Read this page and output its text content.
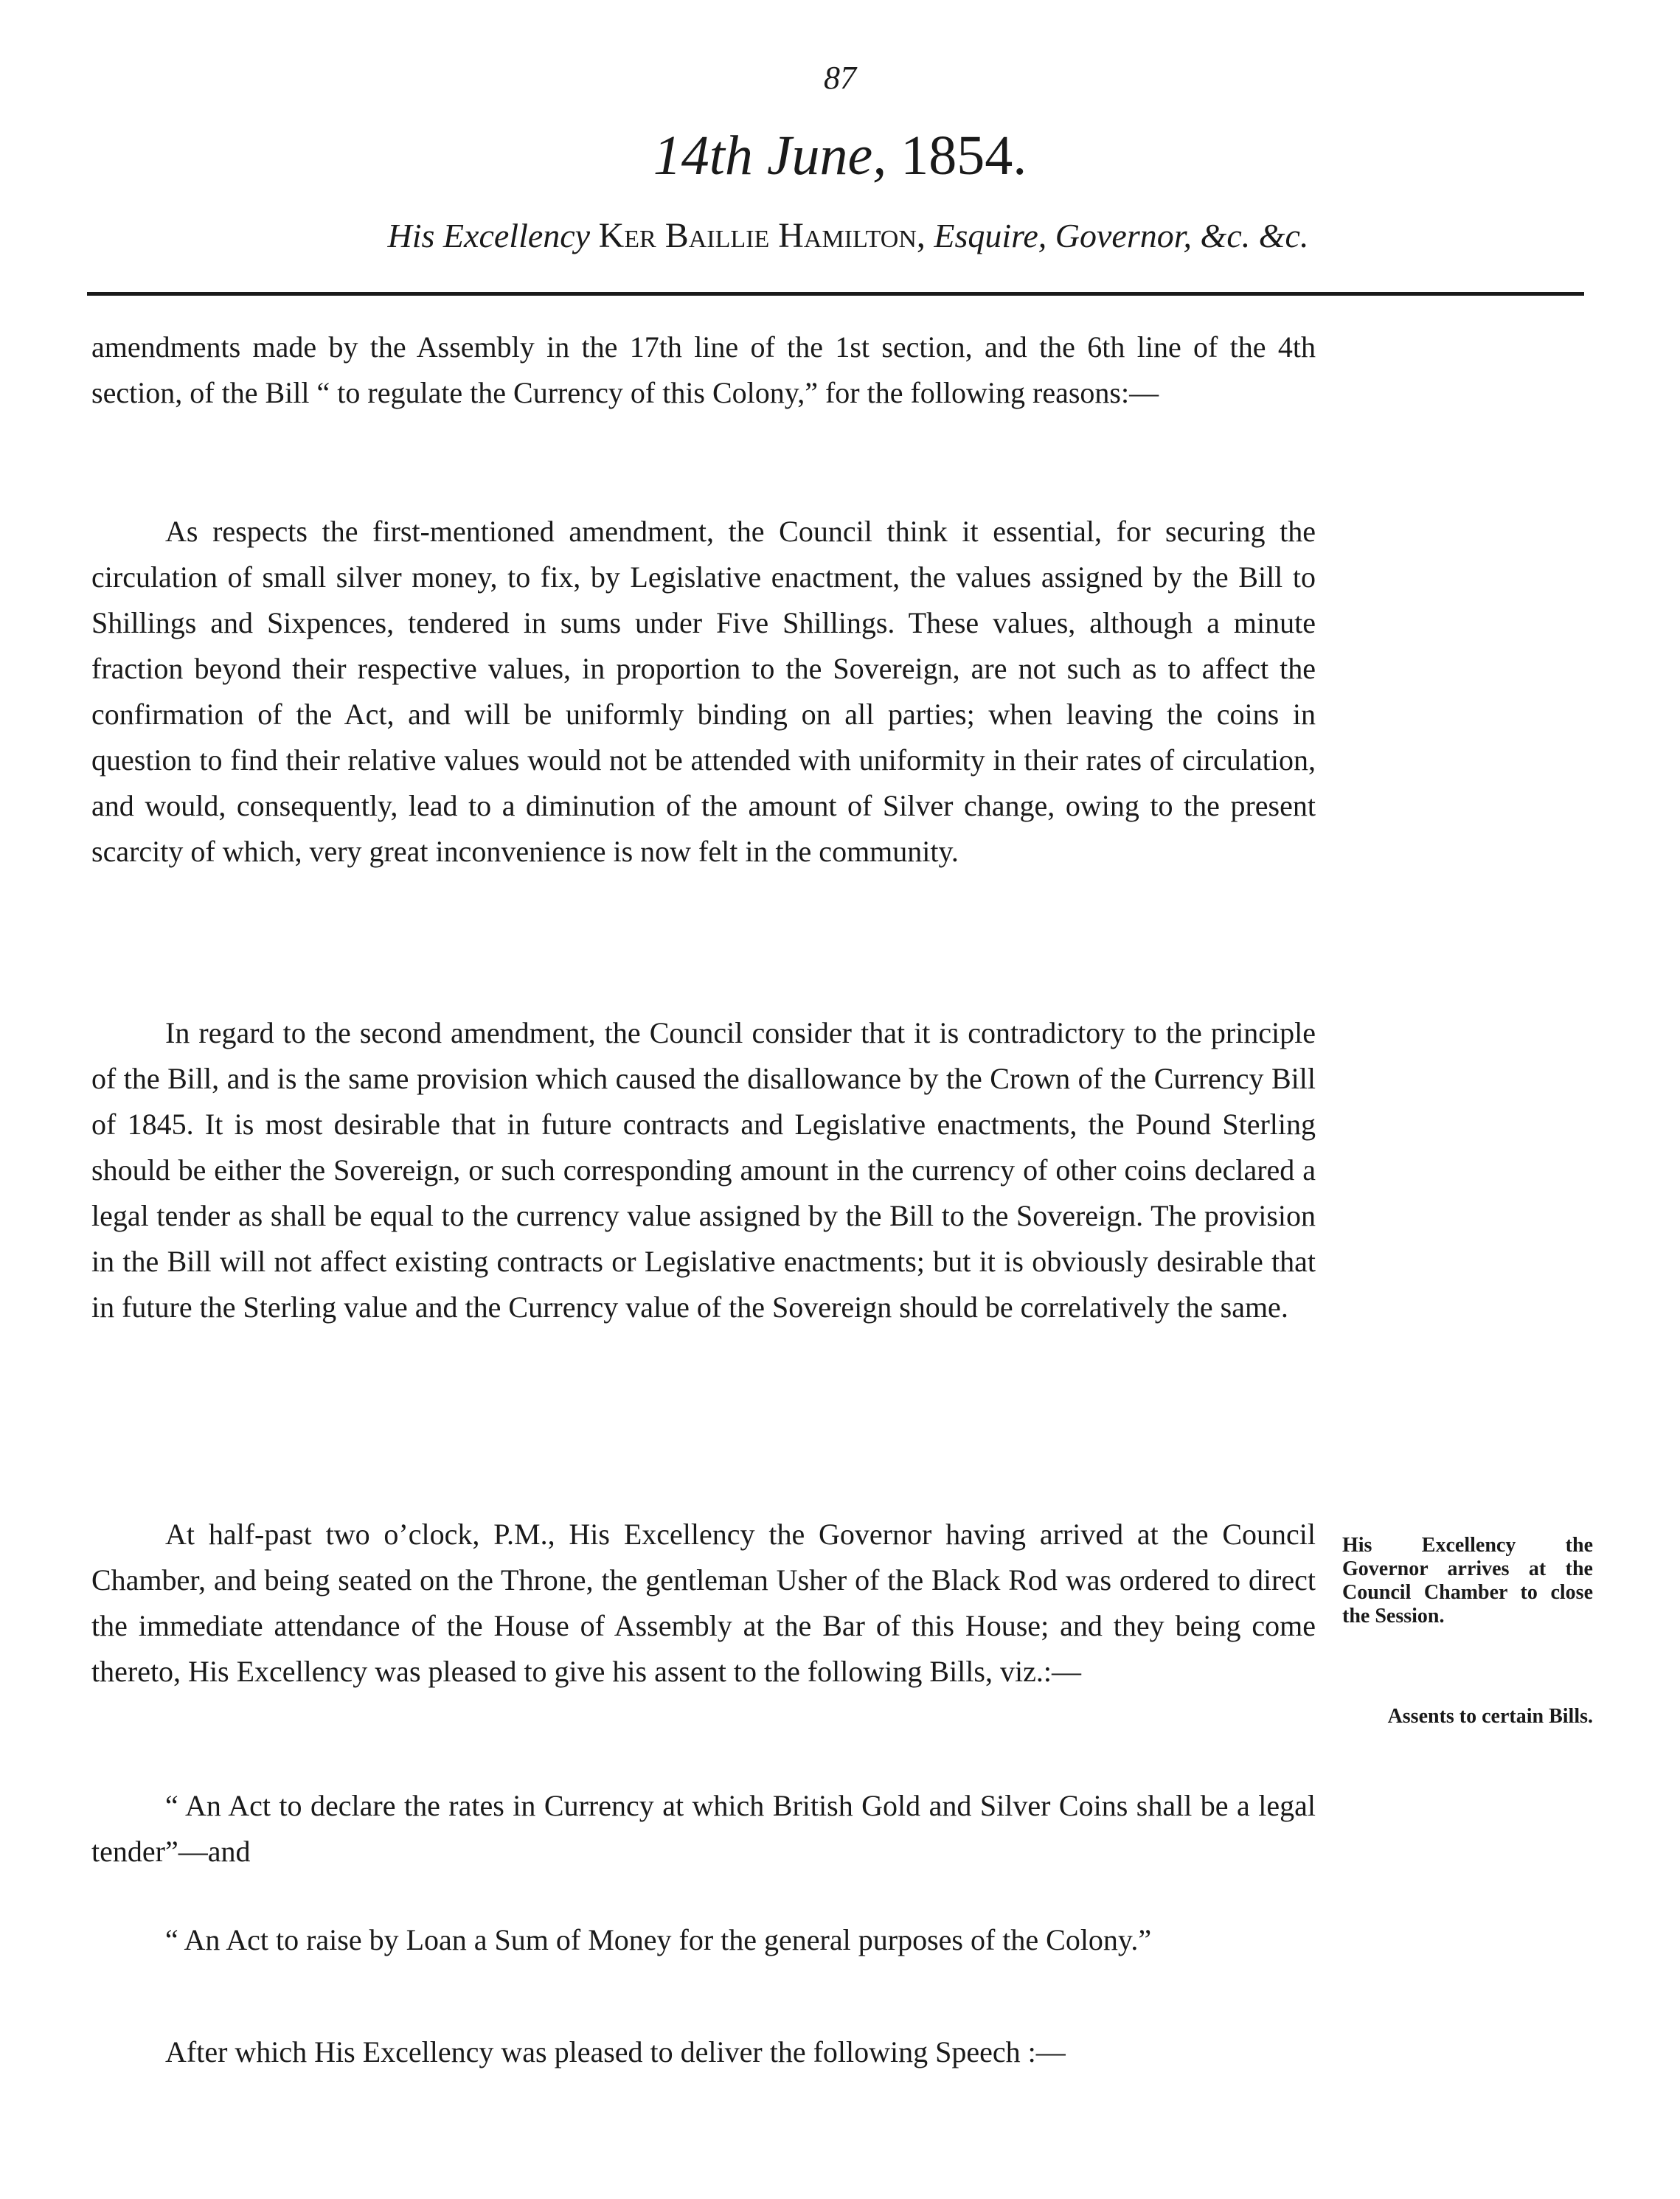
87
14th June, 1854.
His Excellency Ker Baillie Hamilton, Esquire, Governor, &c. &c.

amendments made by the Assembly in the 17th line of the 1st section, and the 6th line of the 4th section, of the Bill “ to regulate the Currency of this Colony,” for the following reasons:—

As respects the first-mentioned amendment, the Council think it essential, for securing the circulation of small silver money, to fix, by Legislative enactment, the values assigned by the Bill to Shillings and Sixpences, tendered in sums under Five Shillings. These values, although a minute fraction beyond their respective values, in proportion to the Sovereign, are not such as to affect the confirmation of the Act, and will be uniformly binding on all parties; when leaving the coins in question to find their relative values would not be attended with uniformity in their rates of circulation, and would, consequently, lead to a diminution of the amount of Silver change, owing to the present scarcity of which, very great inconvenience is now felt in the community.

In regard to the second amendment, the Council consider that it is contradictory to the principle of the Bill, and is the same provision which caused the disallowance by the Crown of the Currency Bill of 1845. It is most desirable that in future contracts and Legislative enactments, the Pound Sterling should be either the Sovereign, or such corresponding amount in the currency of other coins declared a legal tender as shall be equal to the currency value assigned by the Bill to the Sovereign. The provision in the Bill will not affect existing contracts or Legislative enactments; but it is obviously desirable that in future the Sterling value and the Currency value of the Sovereign should be correlatively the same.

At half-past two o’clock, P.M., His Excellency the Governor having arrived at the Council Chamber, and being seated on the Throne, the gentleman Usher of the Black Rod was ordered to direct the immediate attendance of the House of Assembly at the Bar of this House; and they being come thereto, His Excellency was pleased to give his assent to the following Bills, viz.:—

“ An Act to declare the rates in Currency at which British Gold and Silver Coins shall be a legal tender”—and

“ An Act to raise by Loan a Sum of Money for the general purposes of the Colony.”

After which His Excellency was pleased to deliver the following Speech :—

His Excellency the Governor arrives at the Council Chamber to close the Session.
Assents to certain Bills.
